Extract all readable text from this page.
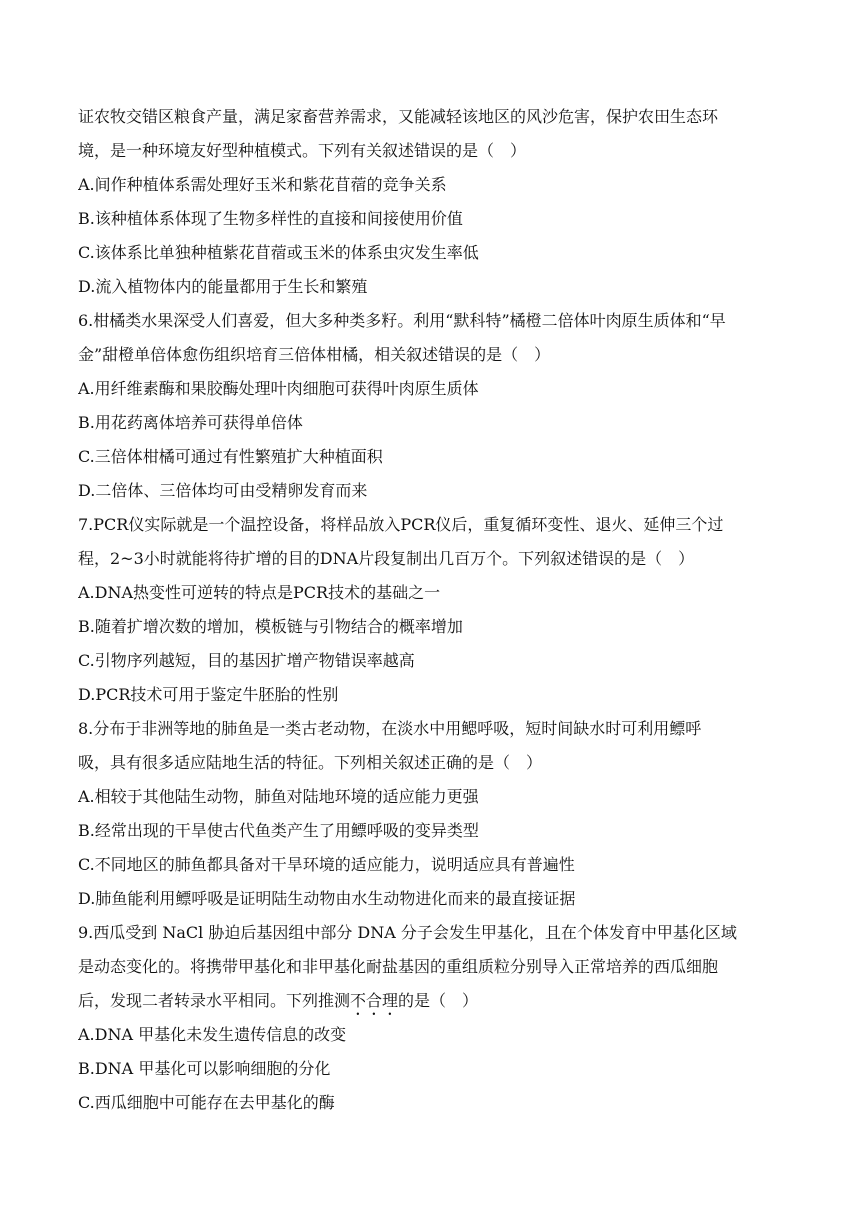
证农牧交错区粮食产量，满足家畜营养需求，又能减轻该地区的风沙危害，保护农田生态环
境，是一种环境友好型种植模式。下列有关叙述错误的是（　）
A.间作种植体系需处理好玉米和紫花苜蓿的竞争关系
B.该种植体系体现了生物多样性的直接和间接使用价值
C.该体系比单独种植紫花苜蓿或玉米的体系虫灾发生率低
D.流入植物体内的能量都用于生长和繁殖
6.柑橘类水果深受人们喜爱，但大多种类多籽。利用“默科特”橘橙二倍体叶肉原生质体和“早
金”甜橙单倍体愈伤组织培育三倍体柑橘，相关叙述错误的是（　）
A.用纤维素酶和果胶酶处理叶肉细胞可获得叶肉原生质体
B.用花药离体培养可获得单倍体
C.三倍体柑橘可通过有性繁殖扩大种植面积
D.二倍体、三倍体均可由受精卵发育而来
7.PCR仪实际就是一个温控设备，将样品放入PCR仪后，重复循环变性、退火、延伸三个过
程，2~3小时就能将待扩增的目的DNA片段复制出几百万个。下列叙述错误的是（　）
A.DNA热变性可逆转的特点是PCR技术的基础之一
B.随着扩增次数的增加，模板链与引物结合的概率增加
C.引物序列越短，目的基因扩增产物错误率越高
D.PCR技术可用于鉴定牛胚胎的性别
8.分布于非洲等地的肺鱼是一类古老动物，在淡水中用鳃呼吸，短时间缺水时可利用鳔呼
吸，具有很多适应陆地生活的特征。下列相关叙述正确的是（　）
A.相较于其他陆生动物，肺鱼对陆地环境的适应能力更强
B.经常出现的干旱使古代鱼类产生了用鳔呼吸的变异类型
C.不同地区的肺鱼都具备对干旱环境的适应能力，说明适应具有普遍性
D.肺鱼能利用鳔呼吸是证明陆生动物由水生动物进化而来的最直接证据
9.西瓜受到 NaCl 胁迫后基因组中部分 DNA 分子会发生甲基化，且在个体发育中甲基化区域
是动态变化的。将携带甲基化和非甲基化耐盐基因的重组质粒分别导入正常培养的西瓜细胞
后，发现二者转录水平相同。下列推测不合理的是（　）
A.DNA 甲基化未发生遗传信息的改变
B.DNA 甲基化可以影响细胞的分化
C.西瓜细胞中可能存在去甲基化的酶
